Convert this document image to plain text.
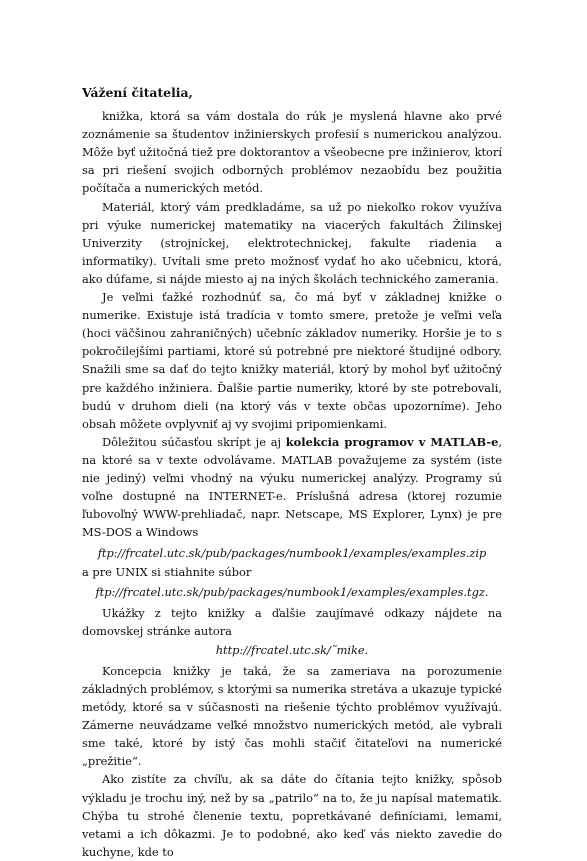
Vážení čitatelia,

knižka, ktorá sa vám dostala do rúk je myslená hlavne ako prvé zoznámenie sa študentov inžinierskych profesií s numerickou analýzou. Môže byť užitočná tiež pre doktorantov a všeobecne pre inžinierov, ktorí sa pri riešení svojich odborných problémov nezaobídu bez použitia počítača a numerických metód.

Materiál, ktorý vám predkladáme, sa už po niekoľko rokov využíva pri výuke numerickej matematiky na viacerých fakultách Žilinskej Univerzity (strojníckej, elektrotechnickej, fakulte riadenia a informatiky). Uvítali sme preto možnosť vydať ho ako učebnicu, ktorá, ako dúfame, si nájde miesto aj na iných školách technického zamerania.

Je veľmi ťažké rozhodnúť sa, čo má byť v základnej knižke o numerike. Existuje istá tradícia v tomto smere, pretože je veľmi veľa (hoci väčšinou zahraničných) učebníc základov numeriky. Horšie je to s pokročilejšími partiami, ktoré sú potrebné pre niektoré študijné odbory. Snažili sme sa dať do tejto knižky materiál, ktorý by mohol byť užitočný pre každého inžiniera. Ďalšie partie numeriky, ktoré by ste potrebovali, budú v druhom dieli (na ktorý vás v texte občas upozorníme). Jeho obsah môžete ovplyvniť aj vy svojimi pripomienkami.

Dôležitou súčasťou skrípt je aj kolekcia programov v MATLAB-e, na ktoré sa v texte odvolávame. MATLAB považujeme za systém (iste nie jediný) veľmi vhodný na výuku numerickej analýzy. Programy sú voľne dostupné na INTERNET-e. Príslušná adresa (ktorej rozumie ľubovoľný WWW-prehliadač, napr. Netscape, MS Explorer, Lynx) je pre MS-DOS a Windows

ftp://frcatel.utc.sk/pub/packages/numbook1/examples/examples.zip

a pre UNIX si stiahnite súbor

ftp://frcatel.utc.sk/pub/packages/numbook1/examples/examples.tgz.

Ukážky z tejto knižky a ďalšie zaujímavé odkazy nájdete na domovskej stránke autora

http://frcatel.utc.sk/˜mike.

Koncepcia knižky je taká, že sa zameriava na porozumenie základných problémov, s ktorými sa numerika stretáva a ukazuje typické metódy, ktoré sa v súčasnosti na riešenie týchto problémov využívajú. Zámerne neuvádzame veľké množstvo numerických metód, ale vybrali sme také, ktoré by istý čas mohli stačiť čitateľovi na numerické „prežitie“.

Ako zistíte za chvíľu, ak sa dáte do čítania tejto knižky, spôsob výkladu je trochu iný, než by sa „patrilo“ na to, že ju napísal matematik. Chýba tu strohé členenie textu, popretkávané definíciami, lemami, vetami a ich dôkazmi. Je to podobné, ako keď vás niekto zavedie do kuchyne, kde to
